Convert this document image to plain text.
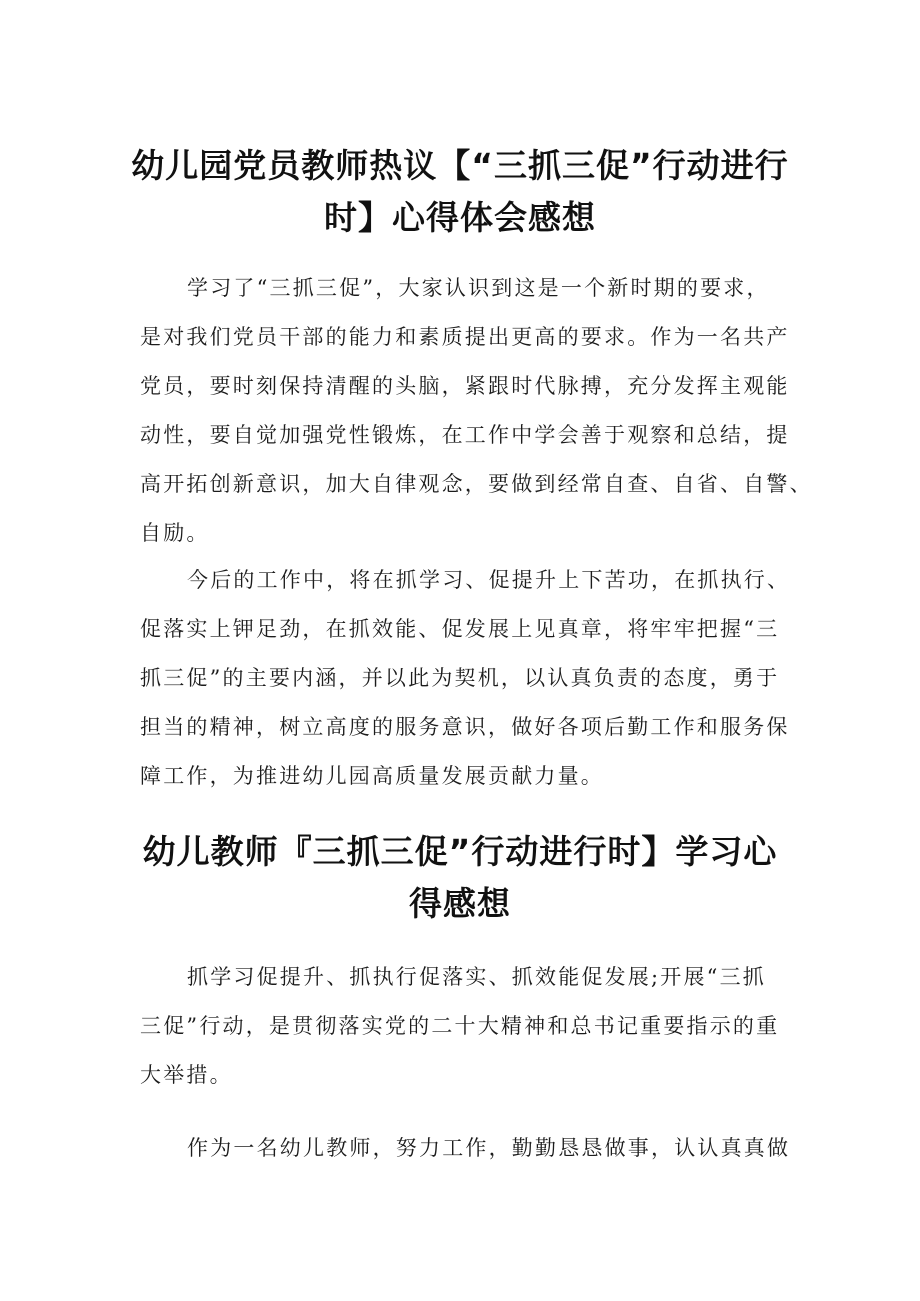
幼儿园党员教师热议【“三抓三促”行动进行
时】心得体会感想
学习了“三抓三促”，大家认识到这是一个新时期的要求，
是对我们党员干部的能力和素质提出更高的要求。作为一名共产
党员，要时刻保持清醒的头脑，紧跟时代脉搏，充分发挥主观能
动性，要自觉加强党性锻炼，在工作中学会善于观察和总结，提
高开拓创新意识，加大自律观念，要做到经常自查、自省、自警、
自励。
今后的工作中，将在抓学习、促提升上下苦功，在抓执行、
促落实上钾足劲，在抓效能、促发展上见真章，将牢牢把握“三
抓三促”的主要内涵，并以此为契机，以认真负责的态度，勇于
担当的精神，树立高度的服务意识，做好各项后勤工作和服务保
障工作，为推进幼儿园高质量发展贡献力量。
幼儿教师『三抓三促”行动进行时】学习心
得感想
抓学习促提升、抓执行促落实、抓效能促发展;开展“三抓
三促”行动，是贯彻落实党的二十大精神和总书记重要指示的重
大举措。
作为一名幼儿教师，努力工作，勤勤恳恳做事，认认真真做
